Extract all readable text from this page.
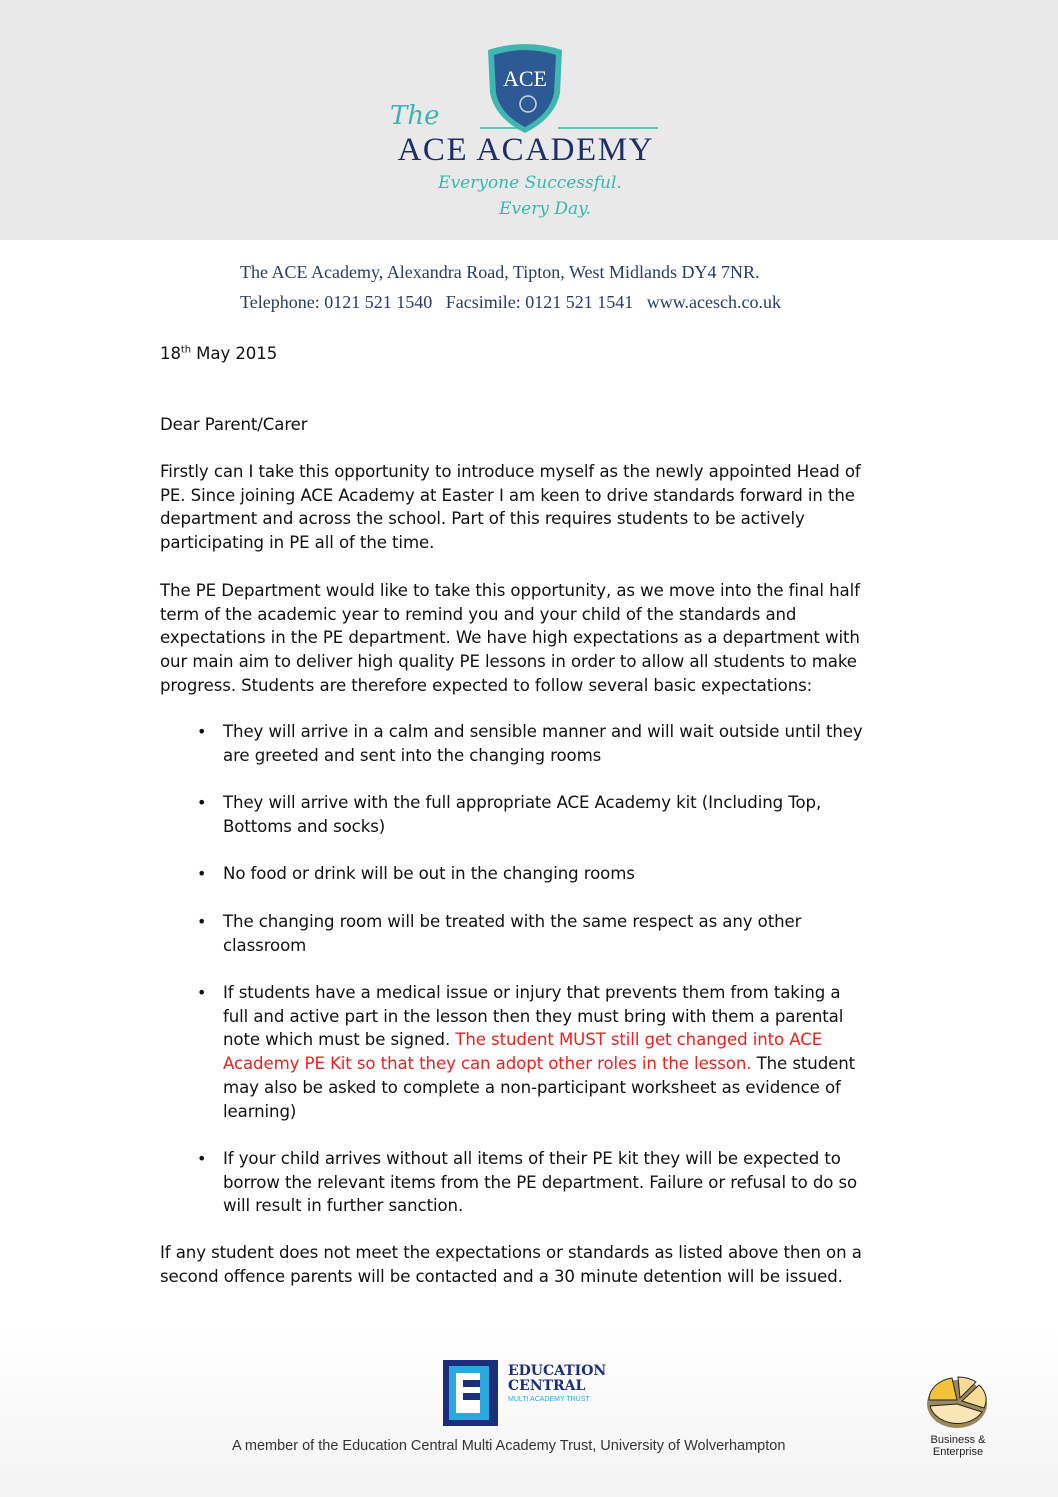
ACE
The
ACE ACADEMY
Everyone Successful.
Every Day.
The ACE Academy, Alexandra Road, Tipton, West Midlands DY4 7NR.
Telephone: 0121 521 1540   Facsimile: 0121 521 1541   www.acesch.co.uk
18th May 2015
Dear Parent/Carer
Firstly can I take this opportunity to introduce myself as the newly appointed Head of
PE. Since joining ACE Academy at Easter I am keen to drive standards forward in the
department and across the school. Part of this requires students to be actively
participating in PE all of the time.
The PE Department would like to take this opportunity, as we move into the final half
term of the academic year to remind you and your child of the standards and
expectations in the PE department. We have high expectations as a department with
our main aim to deliver high quality PE lessons in order to allow all students to make
progress. Students are therefore expected to follow several basic expectations:
• They will arrive in a calm and sensible manner and will wait outside until they
are greeted and sent into the changing rooms
• They will arrive with the full appropriate ACE Academy kit (Including Top,
Bottoms and socks)
• No food or drink will be out in the changing rooms
• The changing room will be treated with the same respect as any other
classroom
• If students have a medical issue or injury that prevents them from taking a
full and active part in the lesson then they must bring with them a parental
note which must be signed. The student MUST still get changed into ACE
Academy PE Kit so that they can adopt other roles in the lesson. The student
may also be asked to complete a non-participant worksheet as evidence of
learning)
• If your child arrives without all items of their PE kit they will be expected to
borrow the relevant items from the PE department. Failure or refusal to do so
will result in further sanction.
If any student does not meet the expectations or standards as listed above then on a
second offence parents will be contacted and a 30 minute detention will be issued.
EDUCATION
CENTRAL
MULTI ACADEMY TRUST
A member of the Education Central Multi Academy Trust, University of Wolverhampton	Business &
Enterprise
